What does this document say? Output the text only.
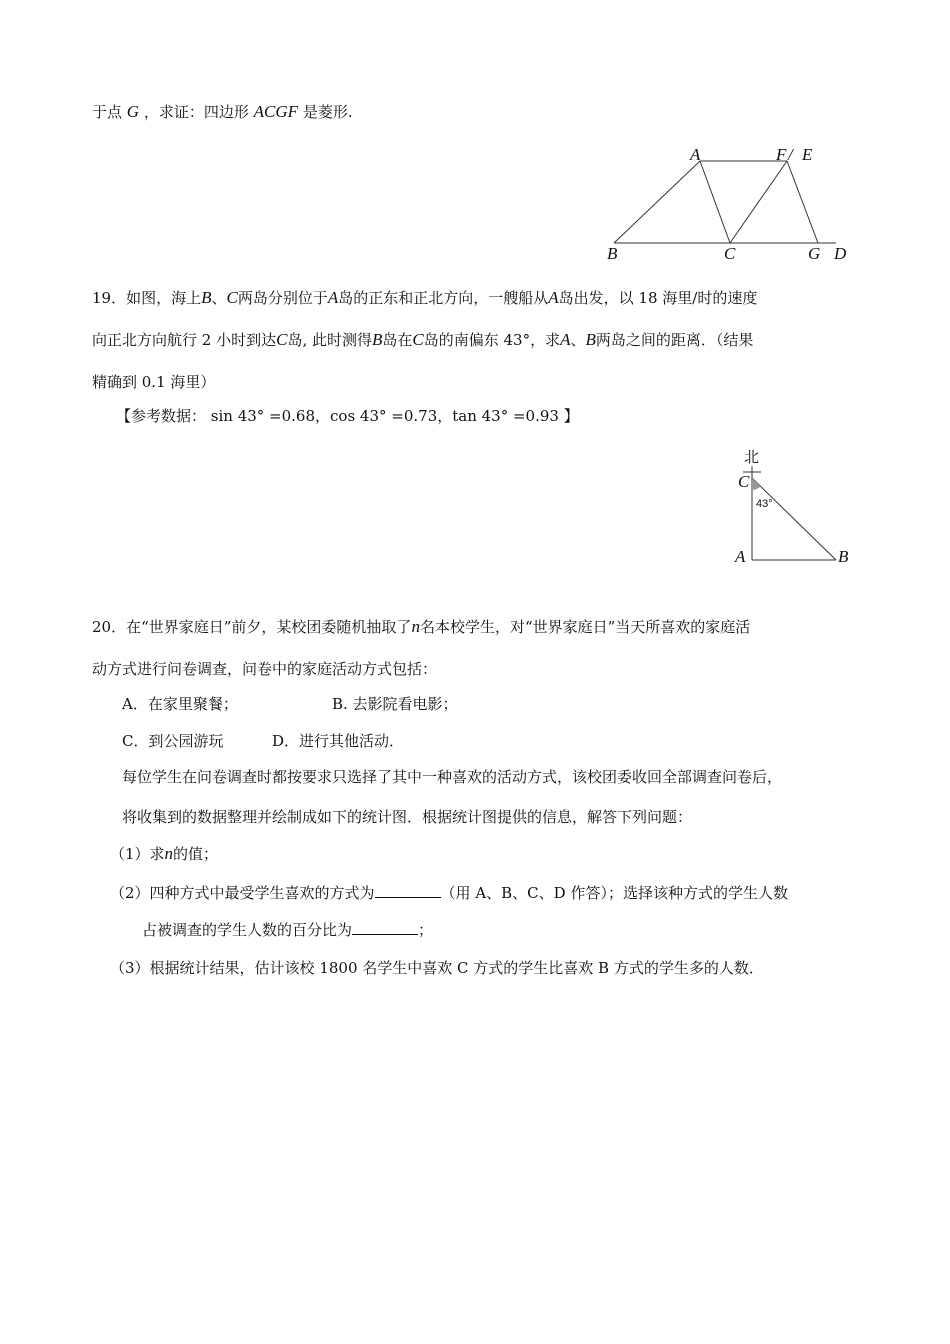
于点 G ，求证：四边形 ACGF 是菱形.
A	F / E
B	C	G D
19．如图，海上B、C两岛分别位于A岛的正东和正北方向，一艘船从A岛出发，以 18 海里/时的速度
向正北方向航行 2 小时到达C岛, 此时测得B岛在C岛的南偏东 43°，求A、B两岛之间的距离．（结果
精确到 0.1 海里）
【参考数据： sin 43° =0.68，cos 43° =0.73，tan 43° =0.93 】
北
C
43°
A	B
20．在“世界家庭日”前夕，某校团委随机抽取了n名本校学生，对“世界家庭日”当天所喜欢的家庭活
动方式进行问卷调查，问卷中的家庭活动方式包括：
A．在家里聚餐；	B. 去影院看电影；
C．到公园游玩	D．进行其他活动．
每位学生在问卷调查时都按要求只选择了其中一种喜欢的活动方式，该校团委收回全部调查问卷后，
将收集到的数据整理并绘制成如下的统计图．根据统计图提供的信息，解答下列问题：
（1）求n的值；
（2）四种方式中最受学生喜欢的方式为	（用 A、B、C、D 作答）；选择该种方式的学生人数
占被调查的学生人数的百分比为	；
（3）根据统计结果，估计该校 1800 名学生中喜欢 C 方式的学生比喜欢 B 方式的学生多的人数．
